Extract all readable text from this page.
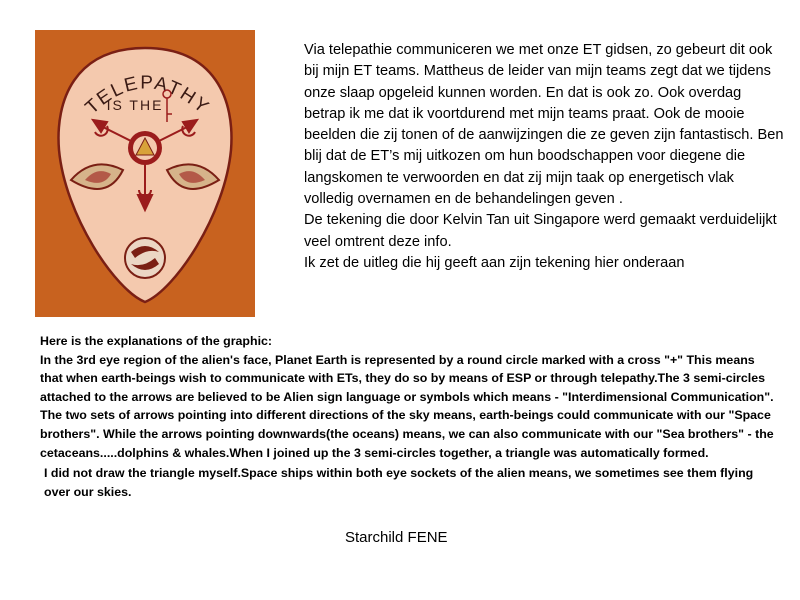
TELEPATHY
IS THE

Via telepathie communiceren we met onze ET gidsen, zo gebeurt dit ook bij mijn ET teams. Mattheus de leider van mijn teams zegt dat we tijdens onze slaap opgeleid kunnen worden. En dat is ook zo. Ook overdag betrap ik me dat ik voortdurend met mijn teams praat. Ook de mooie beelden die zij tonen of de aanwijzingen die ze geven zijn fantastisch. Ben blij dat de ET’s mij uitkozen om hun boodschappen voor diegene die langskomen te verwoorden en dat zij mijn taak op energetisch vlak volledig overnamen en de behandelingen geven .

De tekening die door Kelvin Tan uit Singapore werd gemaakt verduidelijkt veel omtrent deze info.

Ik zet de uitleg die hij geeft aan zijn tekening hier onderaan

Here is the explanations of the graphic:

In the 3rd eye region of the alien's face, Planet Earth is represented by a round circle marked with a cross "+" This means that when earth-beings wish to communicate with ETs, they do so by means of ESP or through telepathy.The 3 semi-circles attached to the arrows are believed to be Alien sign language or symbols which means - "Interdimensional Communication". The two sets of arrows pointing into different directions of the sky means, earth-beings could communicate with our "Space brothers". While the arrows pointing downwards(the oceans) means, we can also communicate with our "Sea brothers" - the cetaceans.....dolphins & whales.When I joined up the 3 semi-circles together, a triangle was automatically formed.

I did not draw the triangle myself.Space ships within both eye sockets of the alien means, we sometimes see them flying over our skies.

Starchild FENE
